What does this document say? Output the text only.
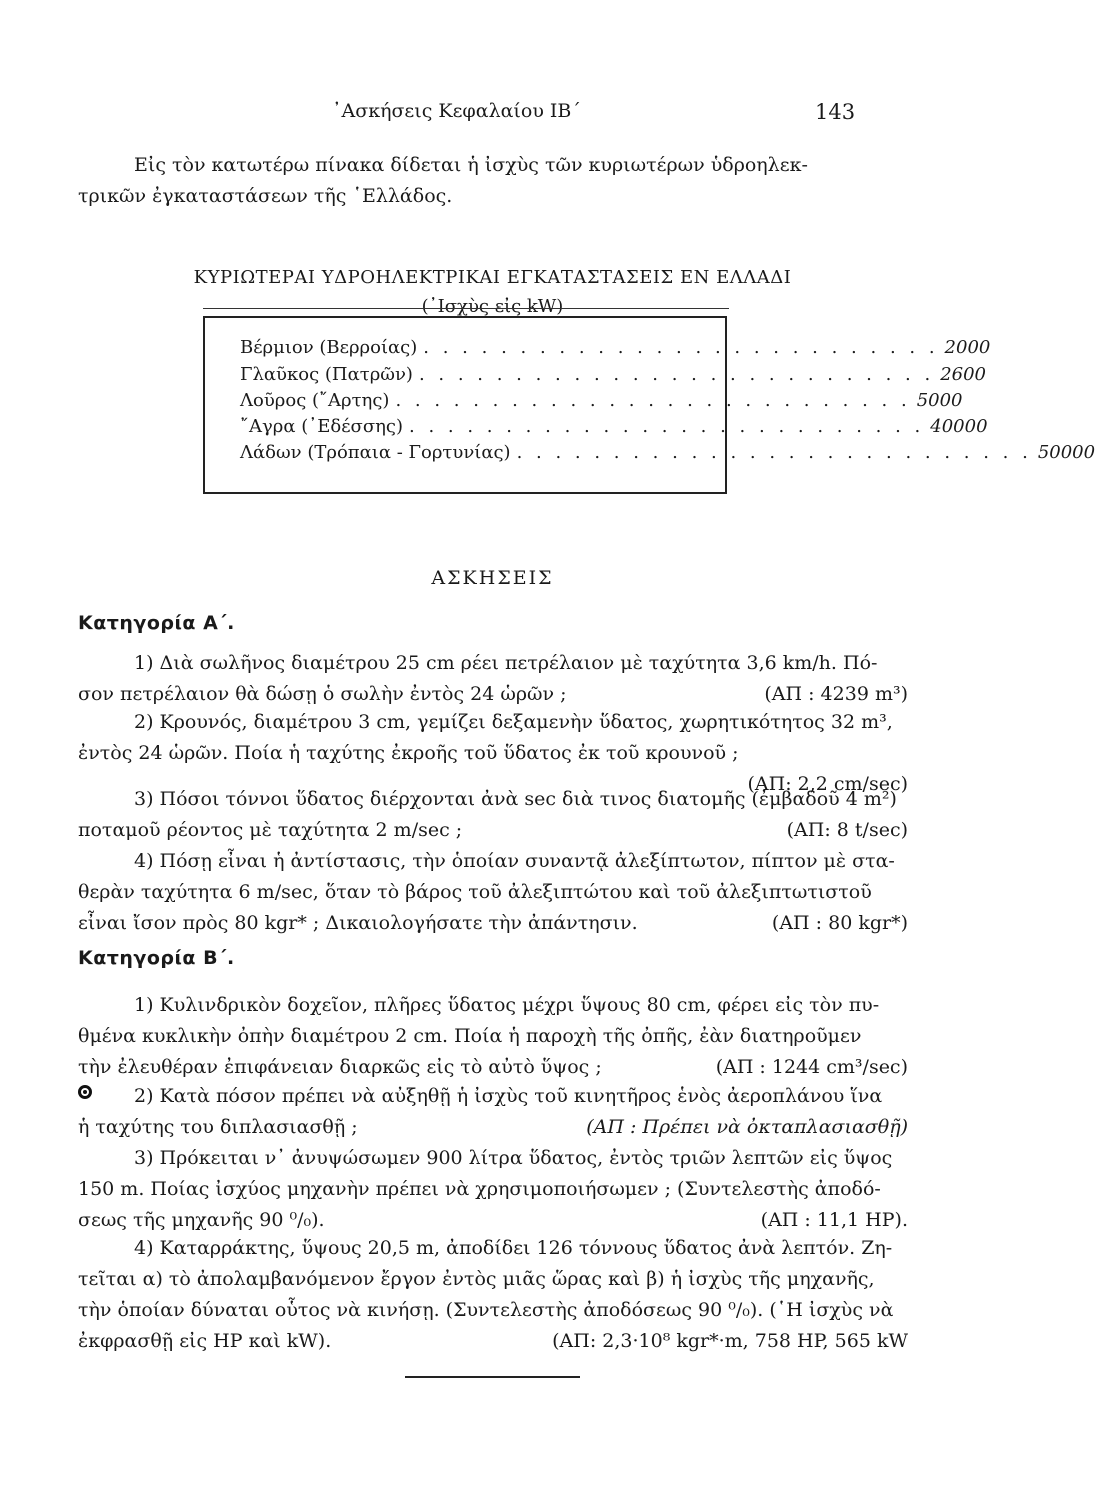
᾿Ασκήσεις Κεφαλαίου ΙΒ΄	143

Εἰς τὸν κατωτέρω πίνακα δίδεται ἡ ἰσχὺς τῶν κυριωτέρων ὑδροηλεκ-

τρικῶν ἐγκαταστάσεων τῆς ῾Ελλάδος.

ΚΥΡΙΩΤΕΡΑΙ ΥΔΡΟΗΛΕΚΤΡΙΚΑΙ ΕΓΚΑΤΑΣΤΑΣΕΙΣ ΕΝ ΕΛΛΑΔΙ
(᾿Ισχὺς εἰς kW)
Βέρμιον (Βερροίας) . . . . . . . . . . . . . . . . . . . . . . . . . . . 2000
Γλαῦκος (Πατρῶν) . . . . . . . . . . . . . . . . . . . . . . . . . . . 2600
Λοῦρος (῎Αρτης) . . . . . . . . . . . . . . . . . . . . . . . . . . . 5000
῎Αγρα (᾿Εδέσσης) . . . . . . . . . . . . . . . . . . . . . . . . . . . 40000
Λάδων (Τρόπαια - Γορτυνίας) . . . . . . . . . . . . . . . . . . . . . . . . . . . 50000
ΑΣΚΗΣΕΙΣ
Κατηγορία Α΄.
1) Διὰ σωλῆνος διαμέτρου 25 cm ρέει πετρέλαιον μὲ ταχύτητα 3,6 km/h. Πό-
σον πετρέλαιον θὰ δώσῃ ὁ σωλὴν ἐντὸς 24 ὡρῶν ;	(ΑΠ : 4239 m³)
2) Κρουνός, διαμέτρου 3 cm, γεμίζει δεξαμενὴν ὕδατος, χωρητικότητος 32 m³,
ἐντὸς 24 ὡρῶν. Ποία ἡ ταχύτης ἐκροῆς τοῦ ὕδατος ἐκ τοῦ κρουνοῦ ;
(ΑΠ: 2,2 cm/sec)
3) Πόσοι τόννοι ὕδατος διέρχονται ἀνὰ sec διὰ τινος διατομῆς (ἐμβαδοῦ 4 m²)
ποταμοῦ ρέοντος μὲ ταχύτητα 2 m/sec ;	(ΑΠ: 8 t/sec)
4) Πόσῃ εἶναι ἡ ἀντίστασις, τὴν ὁποίαν συναντᾷ ἀλεξίπτωτον, πίπτον μὲ στα-
θερὰν ταχύτητα 6 m/sec, ὅταν τὸ βάρος τοῦ ἀλεξιπτώτου καὶ τοῦ ἀλεξιπτωτιστοῦ
εἶναι ἴσον πρὸς 80 kgr* ; Δικαιολογήσατε τὴν ἀπάντησιν.	(ΑΠ : 80 kgr*)
Κατηγορία Β΄.
1) Κυλινδρικὸν δοχεῖον, πλῆρες ὕδατος μέχρι ὕψους 80 cm, φέρει εἰς τὸν πυ-
θμένα κυκλικὴν ὀπὴν διαμέτρου 2 cm. Ποία ἡ παροχὴ τῆς ὀπῆς, ἐὰν διατηροῦμεν
τὴν ἐλευθέραν ἐπιφάνειαν διαρκῶς εἰς τὸ αὐτὸ ὕψος ;	(ΑΠ : 1244 cm³/sec)
2) Κατὰ πόσον πρέπει νὰ αὐξηθῇ ἡ ἰσχὺς τοῦ κινητῆρος ἑνὸς ἀεροπλάνου ἵνα
ἡ ταχύτης του διπλασιασθῇ ;	(ΑΠ : Πρέπει νὰ ὀκταπλασιασθῇ)
3) Πρόκειται ν᾿ ἀνυψώσωμεν 900 λίτρα ὕδατος, ἐντὸς τριῶν λεπτῶν εἰς ὕψος
150 m. Ποίας ἰσχύος μηχανὴν πρέπει νὰ χρησιμοποιήσωμεν ; (Συντελεστὴς ἀποδό-
σεως τῆς μηχανῆς 90 ⁰/₀).	(ΑΠ : 11,1 HP).
4) Καταρράκτης, ὕψους 20,5 m, ἀποδίδει 126 τόννους ὕδατος ἀνὰ λεπτόν. Ζη-
τεῖται α) τὸ ἀπολαμβανόμενον ἔργον ἐντὸς μιᾶς ὥρας καὶ β) ἡ ἰσχὺς τῆς μηχανῆς,
τὴν ὁποίαν δύναται οὗτος νὰ κινήσῃ. (Συντελεστὴς ἀποδόσεως 90 ⁰/₀). (῾Η ἰσχὺς νὰ
ἐκφρασθῇ εἰς HP καὶ kW).	(ΑΠ: 2,3·10⁸ kgr*·m, 758 HP, 565 kW
